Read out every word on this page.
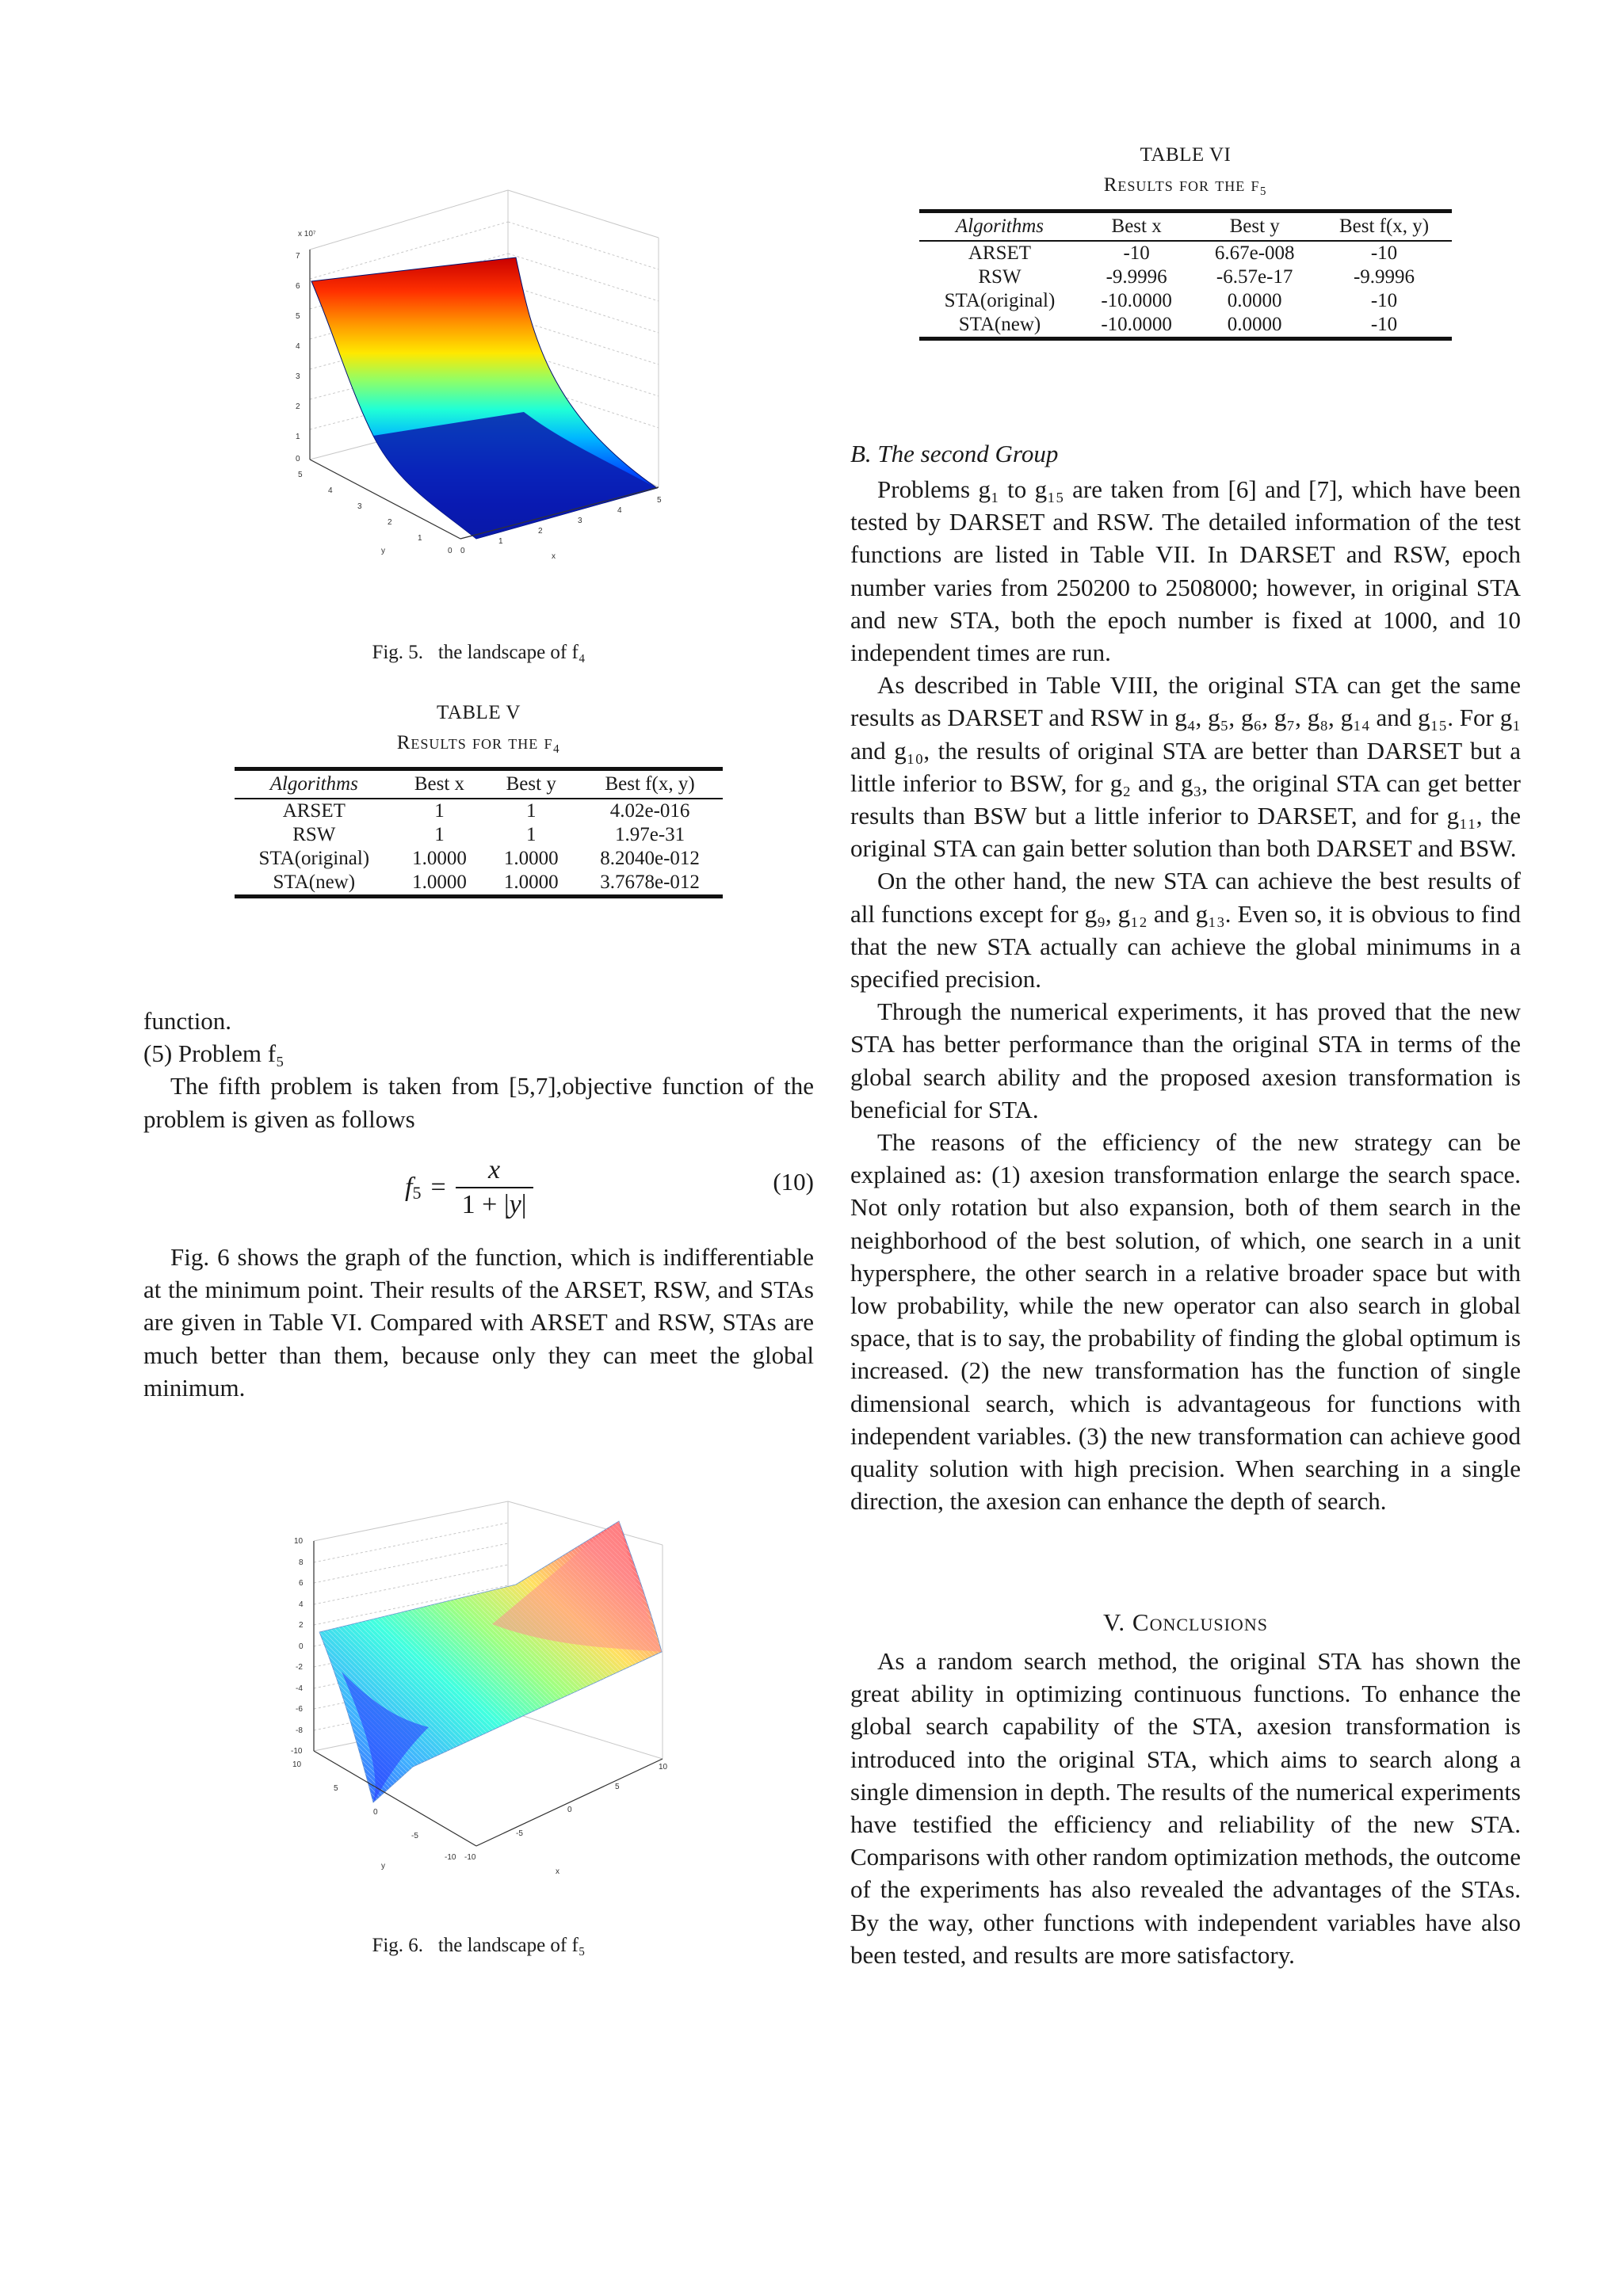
x 10⁷
7
6
5
4
3
2
1
0
5
4
3
2
1
0 0
1
2
3
4
5
x
y
Fig. 5. the landscape of f₄
TABLE V
Results for the f₄
Algorithms	Best x	Best y	Best f(x, y)
ARSET	1	1	4.02e-016
RSW	1	1	1.97e-31
STA(original)	1.0000	1.0000	8.2040e-012
STA(new)	1.0000	1.0000	3.7678e-012

function.

(5) Problem f₅

The fifth problem is taken from [5,7],objective function of the problem is given as follows

f $5 = \frac{x}{1 + |y|}$	(10)

Fig. 6 shows the graph of the function, which is indifferentiable at the minimum point. Their results of the ARSET, RSW, and STAs are given in Table VI. Compared with ARSET and RSW, STAs are much better than them, because only they can meet the global minimum.

10
8
6
4
2
0
-2
-4
-6
-8
-10
10
5
0
-5
-10 -10
-5
0
5
10
x
y
Fig. 6. the landscape of f₅
TABLE VI
Results for the f₅
Algorithms	Best x	Best y	Best f(x, y)
ARSET	-10	6.67e-008	-10
RSW	-9.9996	-6.57e-17	-9.9996
STA(original)	-10.0000	0.0000	-10
STA(new)	-10.0000	0.0000	-10
B. The second Group

Problems g₁ to g₁₅ are taken from [6] and [7], which have been tested by DARSET and RSW. The detailed information of the test functions are listed in Table VII. In DARSET and RSW, epoch number varies from 250200 to 2508000; however, in original STA and new STA, both the epoch number is fixed at 1000, and 10 independent times are run.

As described in Table VIII, the original STA can get the same results as DARSET and RSW in g₄, g₅, g₆, g₇, g₈, g₁₄ and g₁₅. For g₁ and g₁₀, the results of original STA are better than DARSET but a little inferior to BSW, for g₂ and g₃, the original STA can get better results than BSW but a little inferior to DARSET, and for g₁₁, the original STA can gain better solution than both DARSET and BSW.

On the other hand, the new STA can achieve the best results of all functions except for g₉, g₁₂ and g₁₃. Even so, it is obvious to find that the new STA actually can achieve the global minimums in a specified precision.

Through the numerical experiments, it has proved that the new STA has better performance than the original STA in terms of the global search ability and the proposed axesion transformation is beneficial for STA.

The reasons of the efficiency of the new strategy can be explained as: (1) axesion transformation enlarge the search space. Not only rotation but also expansion, both of them search in the neighborhood of the best solution, of which, one search in a unit hypersphere, the other search in a relative broader space but with low probability, while the new operator can also search in global space, that is to say, the probability of finding the global optimum is increased. (2) the new transformation has the function of single dimensional search, which is advantageous for functions with independent variables. (3) the new transformation can achieve good quality solution with high precision. When searching in a single direction, the axesion can enhance the depth of search.

V. Conclusions

As a random search method, the original STA has shown the great ability in optimizing continuous functions. To enhance the global search capability of the STA, axesion transformation is introduced into the original STA, which aims to search along a single dimension in depth. The results of the numerical experiments have testified the efficiency and reliability of the new STA. Comparisons with other random optimization methods, the outcome of the experiments has also revealed the advantages of the STAs. By the way, other functions with independent variables have also been tested, and results are more satisfactory.
